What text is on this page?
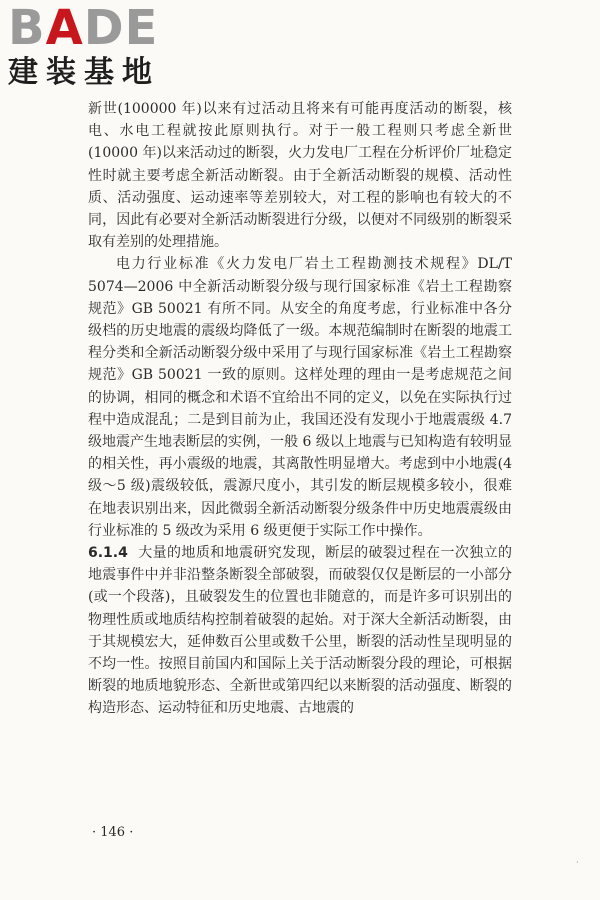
BADE
建装基地

新世(100000 年)以来有过活动且将来有可能再度活动的断裂，核电、水电工程就按此原则执行。对于一般工程则只考虑全新世(10000 年)以来活动过的断裂，火力发电厂工程在分析评价厂址稳定性时就主要考虑全新活动断裂。由于全新活动断裂的规模、活动性质、活动强度、运动速率等差别较大，对工程的影响也有较大的不同，因此有必要对全新活动断裂进行分级，以便对不同级别的断裂采取有差别的处理措施。

电力行业标准《火力发电厂岩土工程勘测技术规程》DL/T 5074—2006 中全新活动断裂分级与现行国家标准《岩土工程勘察规范》GB 50021 有所不同。从安全的角度考虑，行业标准中各分级档的历史地震的震级均降低了一级。本规范编制时在断裂的地震工程分类和全新活动断裂分级中采用了与现行国家标准《岩土工程勘察规范》GB 50021 一致的原则。这样处理的理由一是考虑规范之间的协调，相同的概念和术语不宜给出不同的定义，以免在实际执行过程中造成混乱；二是到目前为止，我国还没有发现小于地震震级 4.7 级地震产生地表断层的实例，一般 6 级以上地震与已知构造有较明显的相关性，再小震级的地震，其离散性明显增大。考虑到中小地震(4 级～5 级)震级较低，震源尺度小，其引发的断层规模多较小，很难在地表识别出来，因此微弱全新活动断裂分级条件中历史地震震级由行业标准的 5 级改为采用 6 级更便于实际工作中操作。

6.1.4 大量的地质和地震研究发现，断层的破裂过程在一次独立的地震事件中并非沿整条断裂全部破裂，而破裂仅仅是断层的一小部分(或一个段落)，且破裂发生的位置也非随意的，而是许多可识别出的物理性质或地质结构控制着破裂的起始。对于深大全新活动断裂，由于其规模宏大，延伸数百公里或数千公里，断裂的活动性呈现明显的不均一性。按照目前国内和国际上关于活动断裂分段的理论，可根据断裂的地质地貌形态、全新世或第四纪以来断裂的活动强度、断裂的构造形态、运动特征和历史地震、古地震的

· 146 ·
·
